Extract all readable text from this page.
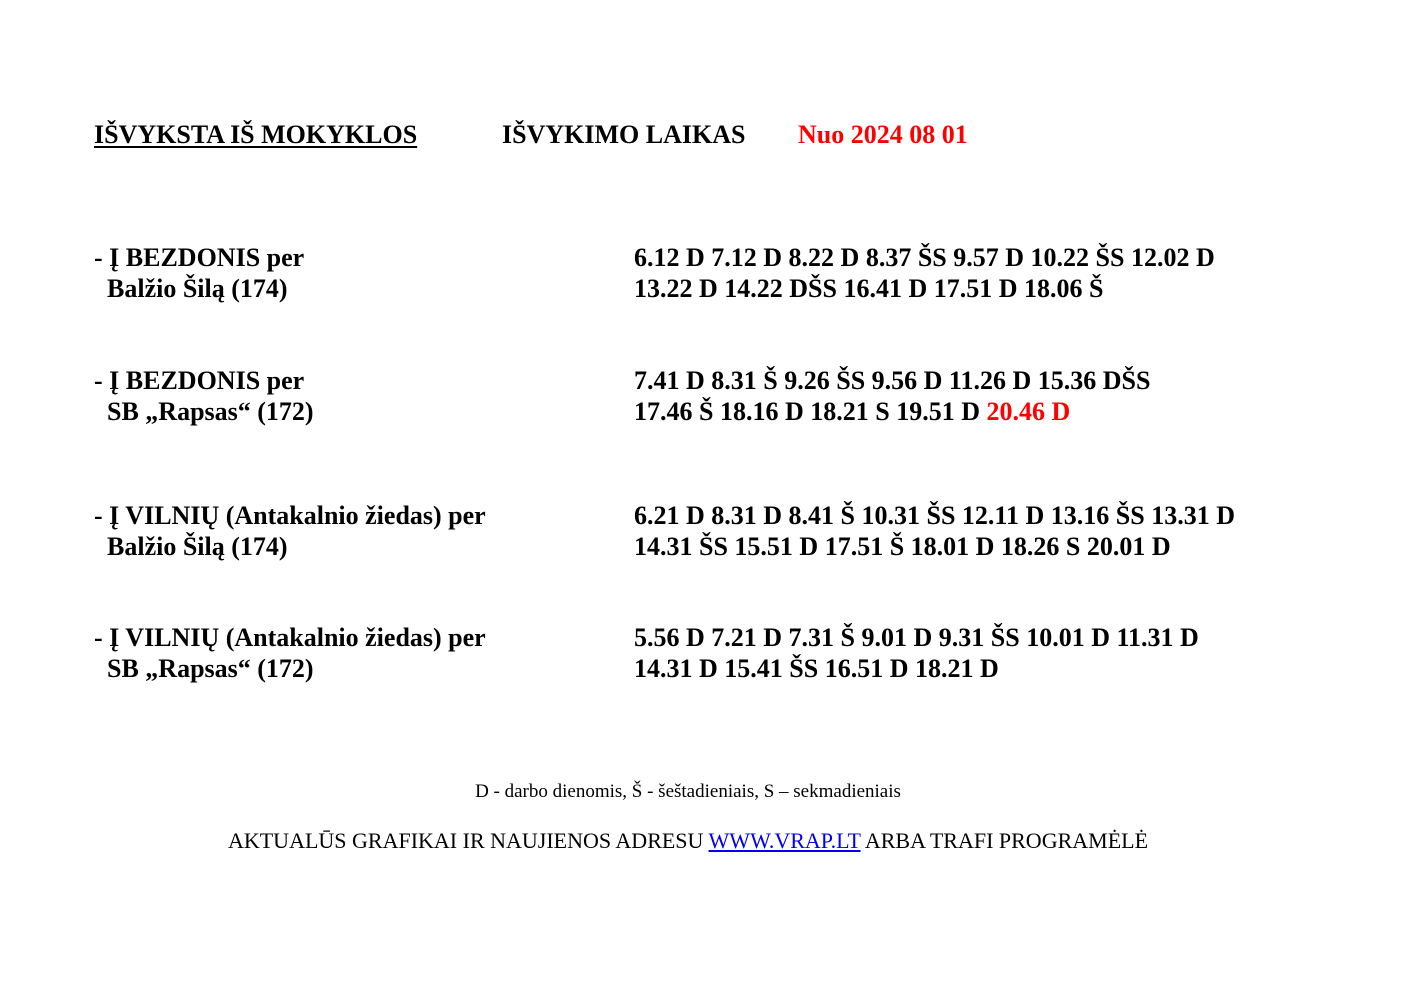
IŠVYKSTA IŠ MOKYKLOS	IŠVYKIMO LAIKAS Nuo 2024 08 01
- Į BEZDONIS per
Balžio Šilą (174)
6.12 D 7.12 D 8.22 D 8.37 ŠS 9.57 D 10.22 ŠS 12.02 D
13.22 D 14.22 DŠS 16.41 D 17.51 D 18.06 Š
- Į BEZDONIS per
SB „Rapsas“ (172)
7.41 D 8.31 Š 9.26 ŠS 9.56 D 11.26 D 15.36 DŠS
17.46 Š 18.16 D 18.21 S 19.51 D 20.46 D
- Į VILNIŲ (Antakalnio žiedas) per
Balžio Šilą (174)
6.21 D 8.31 D 8.41 Š 10.31 ŠS 12.11 D 13.16 ŠS 13.31 D
14.31 ŠS 15.51 D 17.51 Š 18.01 D 18.26 S 20.01 D
- Į VILNIŲ (Antakalnio žiedas) per
SB „Rapsas“ (172)
5.56 D 7.21 D 7.31 Š 9.01 D 9.31 ŠS 10.01 D 11.31 D
14.31 D 15.41 ŠS 16.51 D 18.21 D
D - darbo dienomis, Š - šeštadieniais, S – sekmadieniais
AKTUALŪS GRAFIKAI IR NAUJIENOS ADRESU WWW.VRAP.LT ARBA TRAFI PROGRAMĖLĖ
